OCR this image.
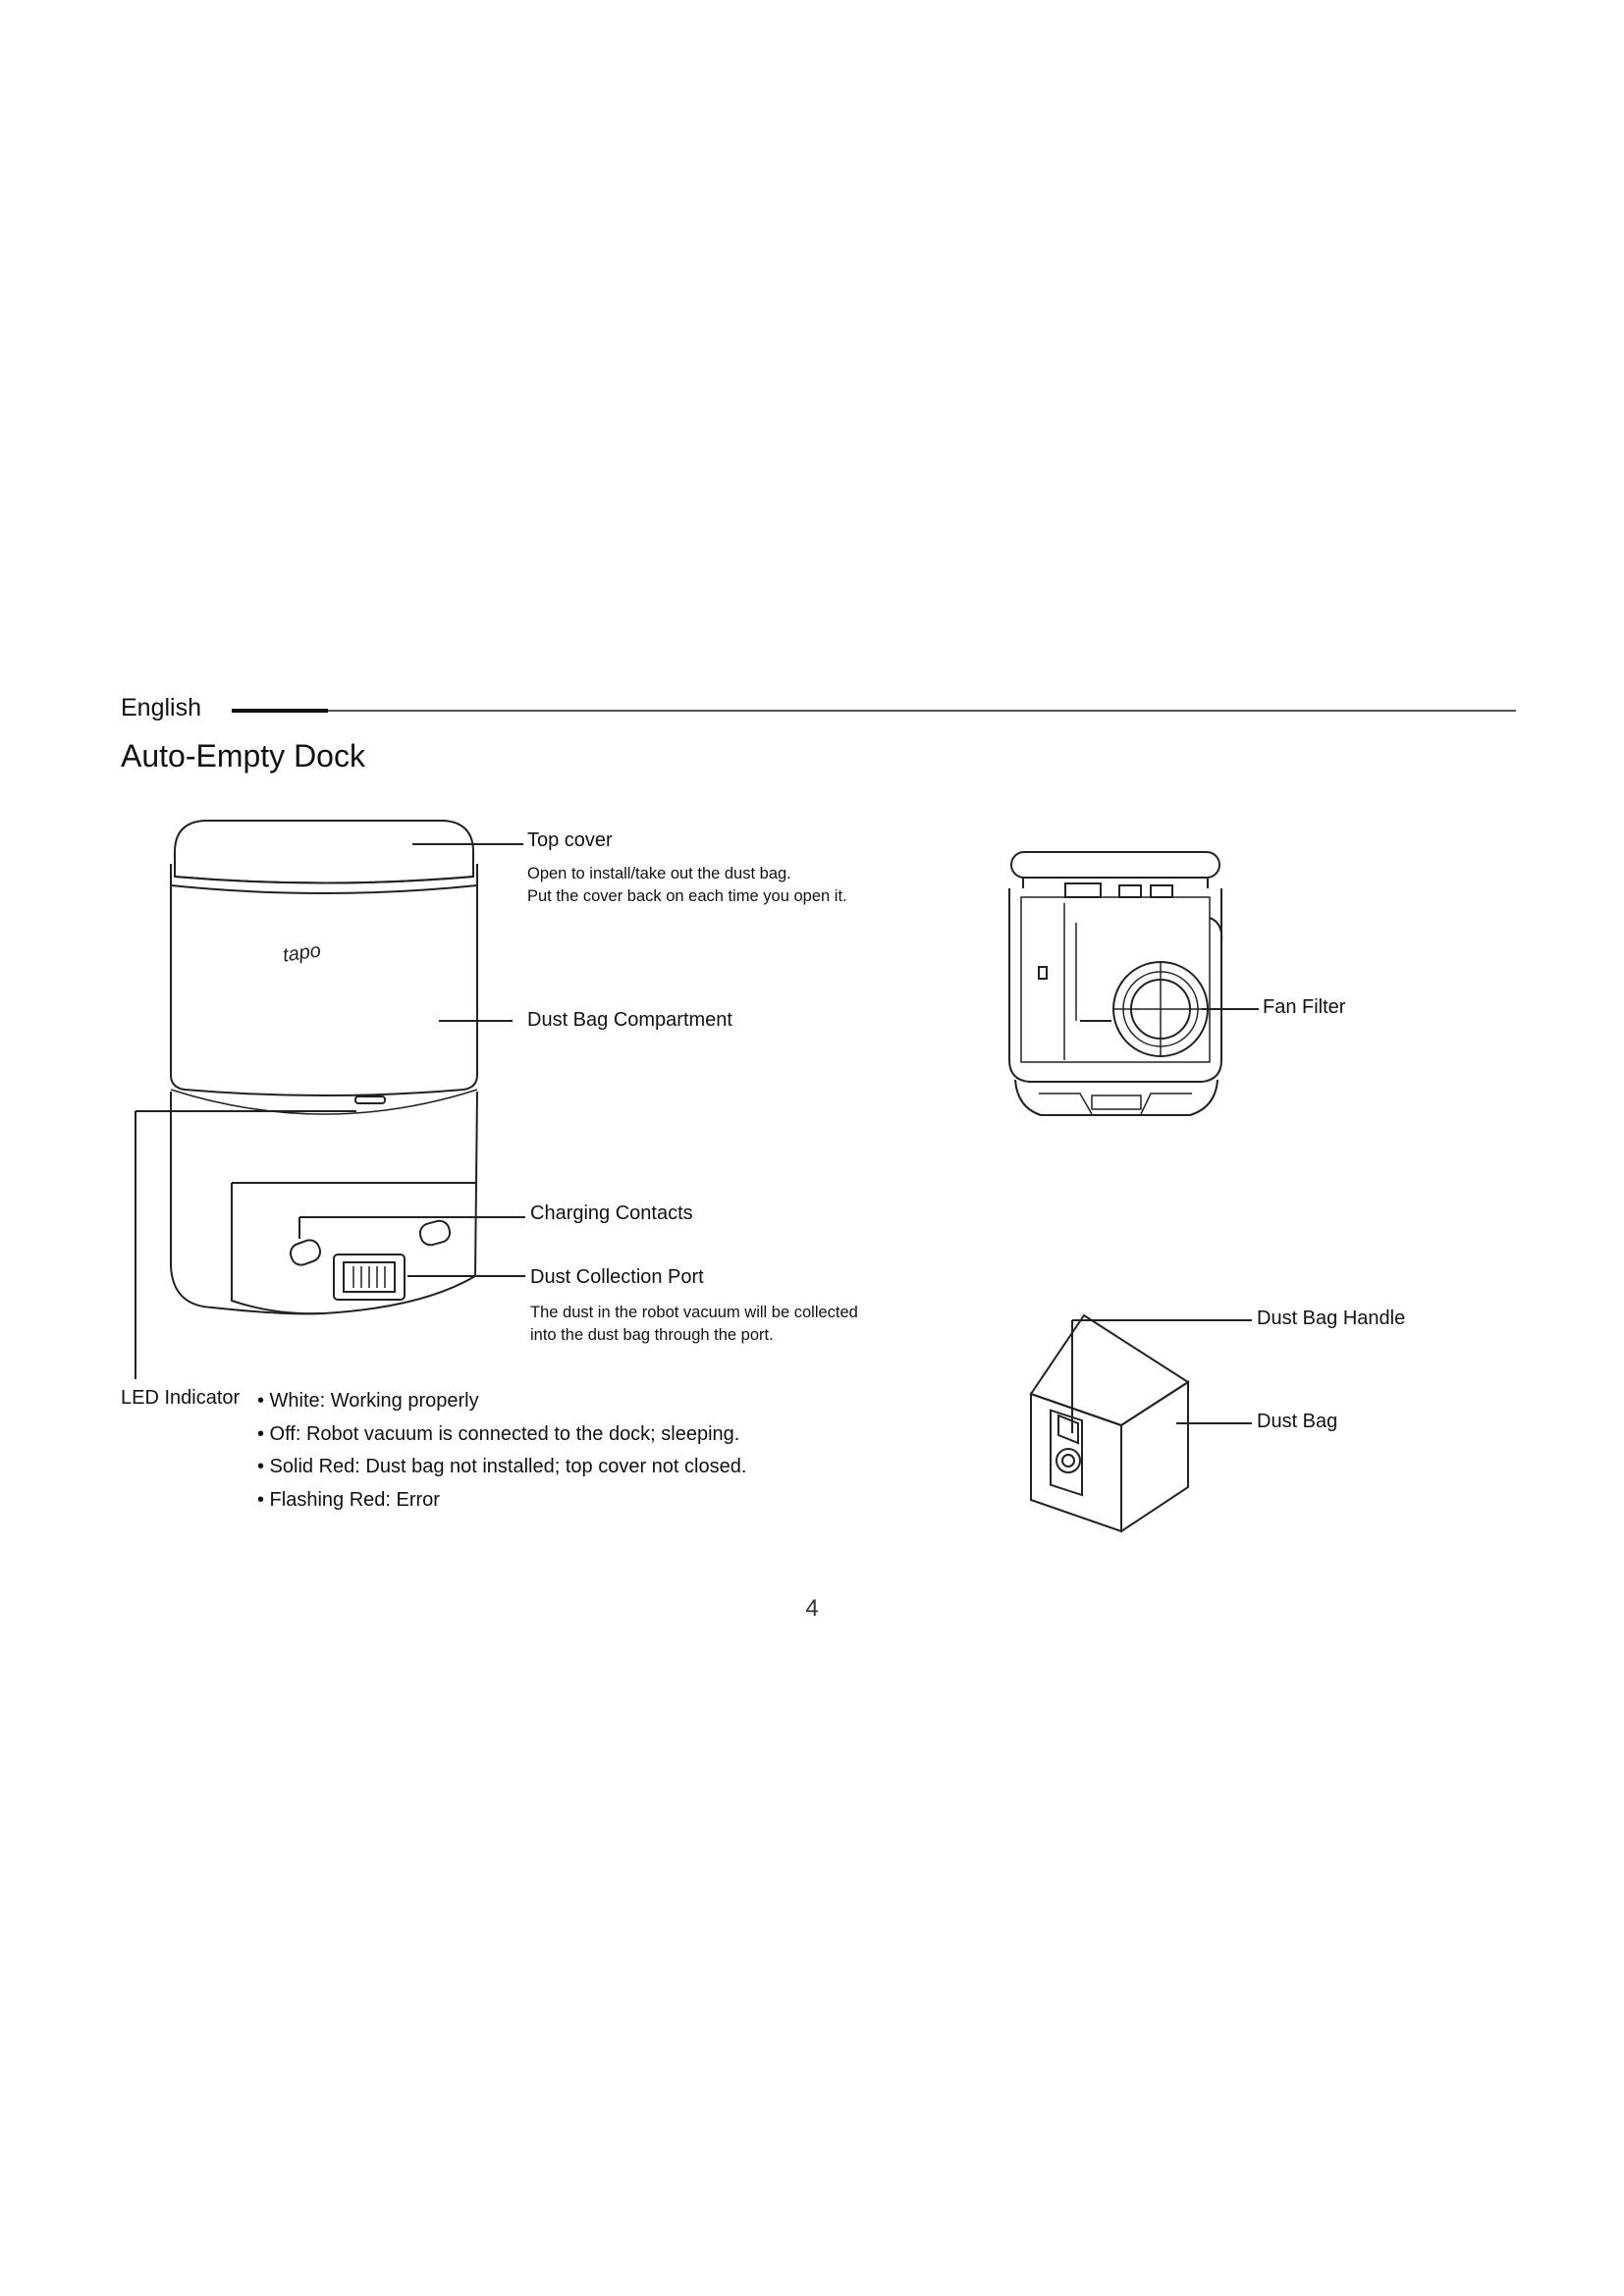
English
Auto-Empty Dock
tapo
Top cover
Open to install/take out the dust bag.
Put the cover back on each time you open it.
Dust Bag Compartment
Charging Contacts
Dust Collection Port
The dust in the robot vacuum will be collected
into the dust bag through the port.
LED Indicator • White: Working properly
• Off: Robot vacuum is connected to the dock; sleeping.
• Solid Red: Dust bag not installed; top cover not closed.
• Flashing Red: Error
Fan Filter
Dust Bag Handle
Dust Bag
4
